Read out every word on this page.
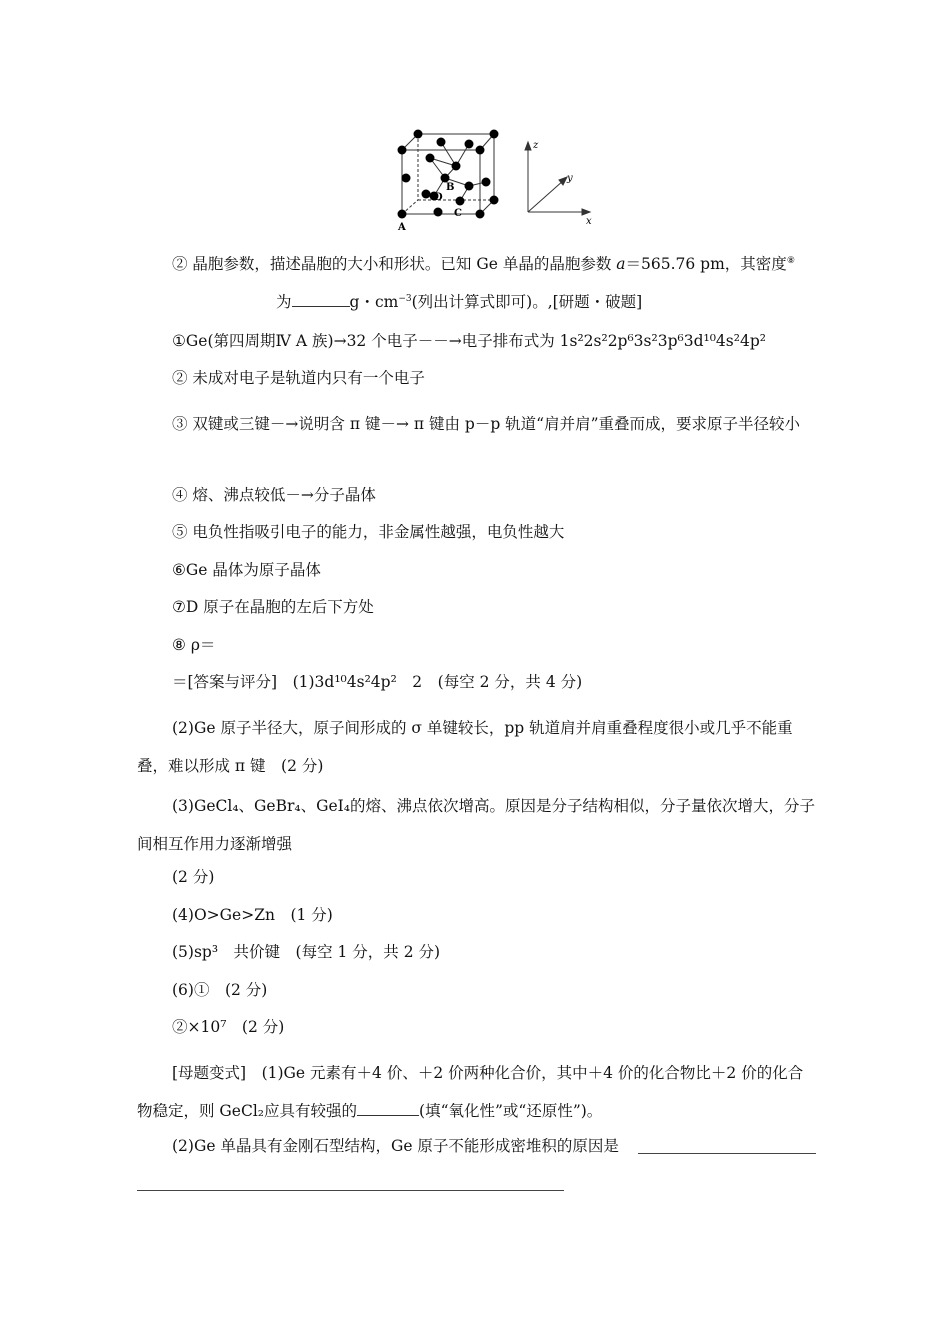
A
B
C
D
z
y
x
② 晶胞参数，描述晶胞的大小和形状。已知 Ge 单晶的晶胞参数 a＝565.76 pm，其密度⑧
为	g・$cm^{-3}$(列出计算式即可)。,[研题・破题]
①Ge(第四周期Ⅳ A 族)→32 个电子－－→电子排布式为 1s²2s²2p⁶3s²3p⁶3d¹⁰4s²4p²
② 未成对电子是轨道内只有一个电子
③ 双键或三键－→说明含 π 键－→ π 键由 p－p 轨道“肩并肩”重叠而成，要求原子半径较小
④ 熔、沸点较低－→分子晶体
⑤ 电负性指吸引电子的能力，非金属性越强，电负性越大
⑥Ge 晶体为原子晶体
⑦D 原子在晶胞的左后下方处
⑧ ρ＝
＝[答案与评分]　(1)3d¹⁰4s²4p²　2　(每空 2 分，共 4 分)
(2)Ge 原子半径大，原子间形成的 σ 单键较长，pp 轨道肩并肩重叠程度很小或几乎不能重叠，难以形成 π 键　(2 分)
(3)GeCl₄、GeBr₄、GeI₄的熔、沸点依次增高。原因是分子结构相似，分子量依次增大，分子间相互作用力逐渐增强
(2 分)
(4)O>Ge>Zn　(1 分)
(5)sp³　共价键　(每空 1 分，共 2 分)
(6)①　(2 分)
②×10⁷　(2 分)
[母题变式]　(1)Ge 元素有＋4 价、＋2 价两种化合价，其中＋4 价的化合物比＋2 价的化合物稳定，则 GeCl₂应具有较强的	(填“氧化性”或“还原性”)。
(2)Ge 单晶具有金刚石型结构，Ge 原子不能形成密堆积的原因是
